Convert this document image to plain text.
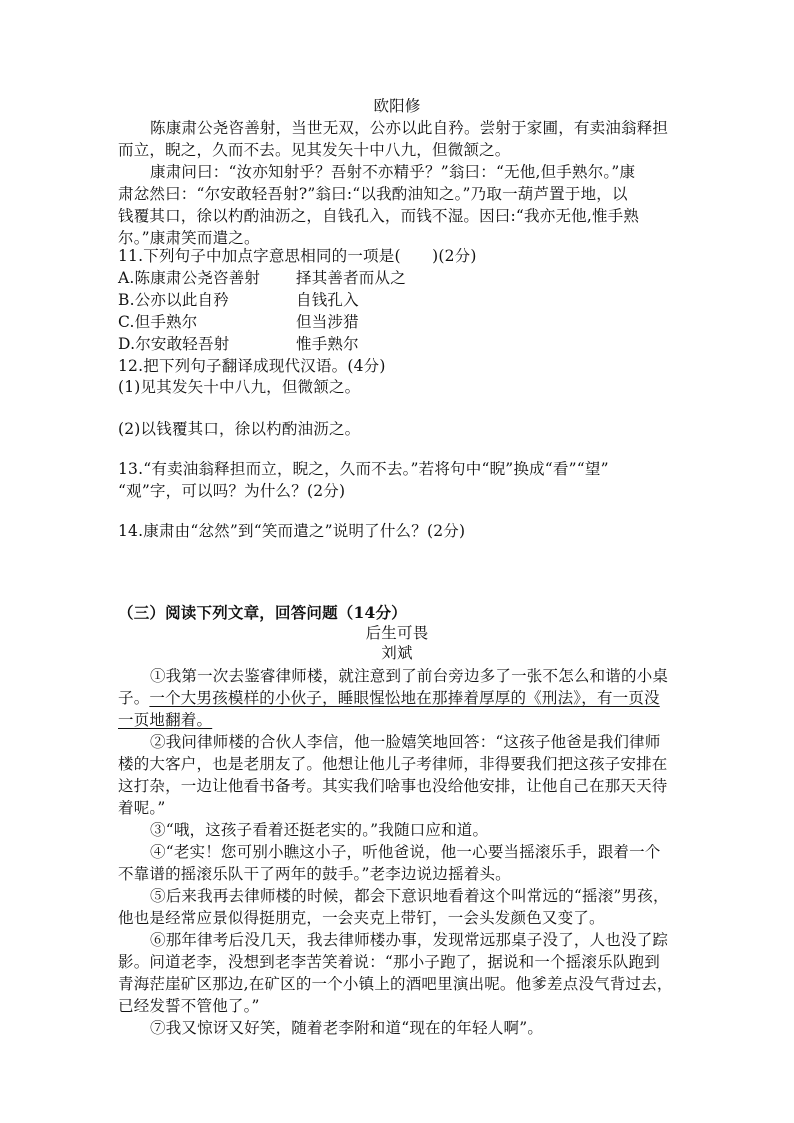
欧阳修
陈康肃公尧咨善射，当世无双，公亦以此自矜。尝射于家圃，有卖油翁释担
而立，睨之，久而不去。见其发矢十中八九，但微颔之。
康肃问曰：“汝亦知射乎？吾射不亦精乎？”翁曰：“无他,但手熟尔。”康
肃忿然曰：“尔安敢轻吾射?”翁曰:“以我酌油知之。”乃取一葫芦置于地，以
钱覆其口，徐以杓酌油沥之，自钱孔入，而钱不湿。因曰:“我亦无他,惟手熟
尔。”康肃笑而遣之。
11.下列句子中加点字意思相同的一项是(　　)(2分)
A.陈康肃公尧咨善射	择其善者而从之
B.公亦以此自矜	自钱孔入
C.但手熟尔	但当涉猎
D.尔安敢轻吾射	惟手熟尔
12.把下列句子翻译成现代汉语。(4分)
(1)见其发矢十中八九，但微颔之。
(2)以钱覆其口，徐以杓酌油沥之。
13.“有卖油翁释担而立，睨之，久而不去。”若将句中“睨”换成“看”“望”
“观”字，可以吗？为什么？(2分)
14.康肃由“忿然”到“笑而遣之”说明了什么？(2分)
（三）阅读下列文章，回答问题（14分）
后生可畏
刘斌
①我第一次去鉴睿律师楼，就注意到了前台旁边多了一张不怎么和谐的小桌
子。一个大男孩模样的小伙子，睡眼惺忪地在那捧着厚厚的《刑法》，有一页没
一页地翻着。
②我问律师楼的合伙人李信，他一脸嬉笑地回答：“这孩子他爸是我们律师
楼的大客户，也是老朋友了。他想让他儿子考律师，非得要我们把这孩子安排在
这打杂，一边让他看书备考。其实我们啥事也没给他安排，让他自己在那天天待
着呢。”
③“哦，这孩子看着还挺老实的。”我随口应和道。
④“老实！您可别小瞧这小子，听他爸说，他一心要当摇滚乐手，跟着一个
不靠谱的摇滚乐队干了两年的鼓手。”老李边说边摇着头。
⑤后来我再去律师楼的时候，都会下意识地看着这个叫常远的“摇滚”男孩，
他也是经常应景似得挺朋克，一会夹克上带钉，一会头发颜色又变了。
⑥那年律考后没几天，我去律师楼办事，发现常远那桌子没了，人也没了踪
影。问道老李，没想到老李苦笑着说：“那小子跑了，据说和一个摇滚乐队跑到
青海茫崖矿区那边,在矿区的一个小镇上的酒吧里演出呢。他爹差点没气背过去，
已经发誓不管他了。”
⑦我又惊讶又好笑，随着老李附和道“现在的年轻人啊”。
